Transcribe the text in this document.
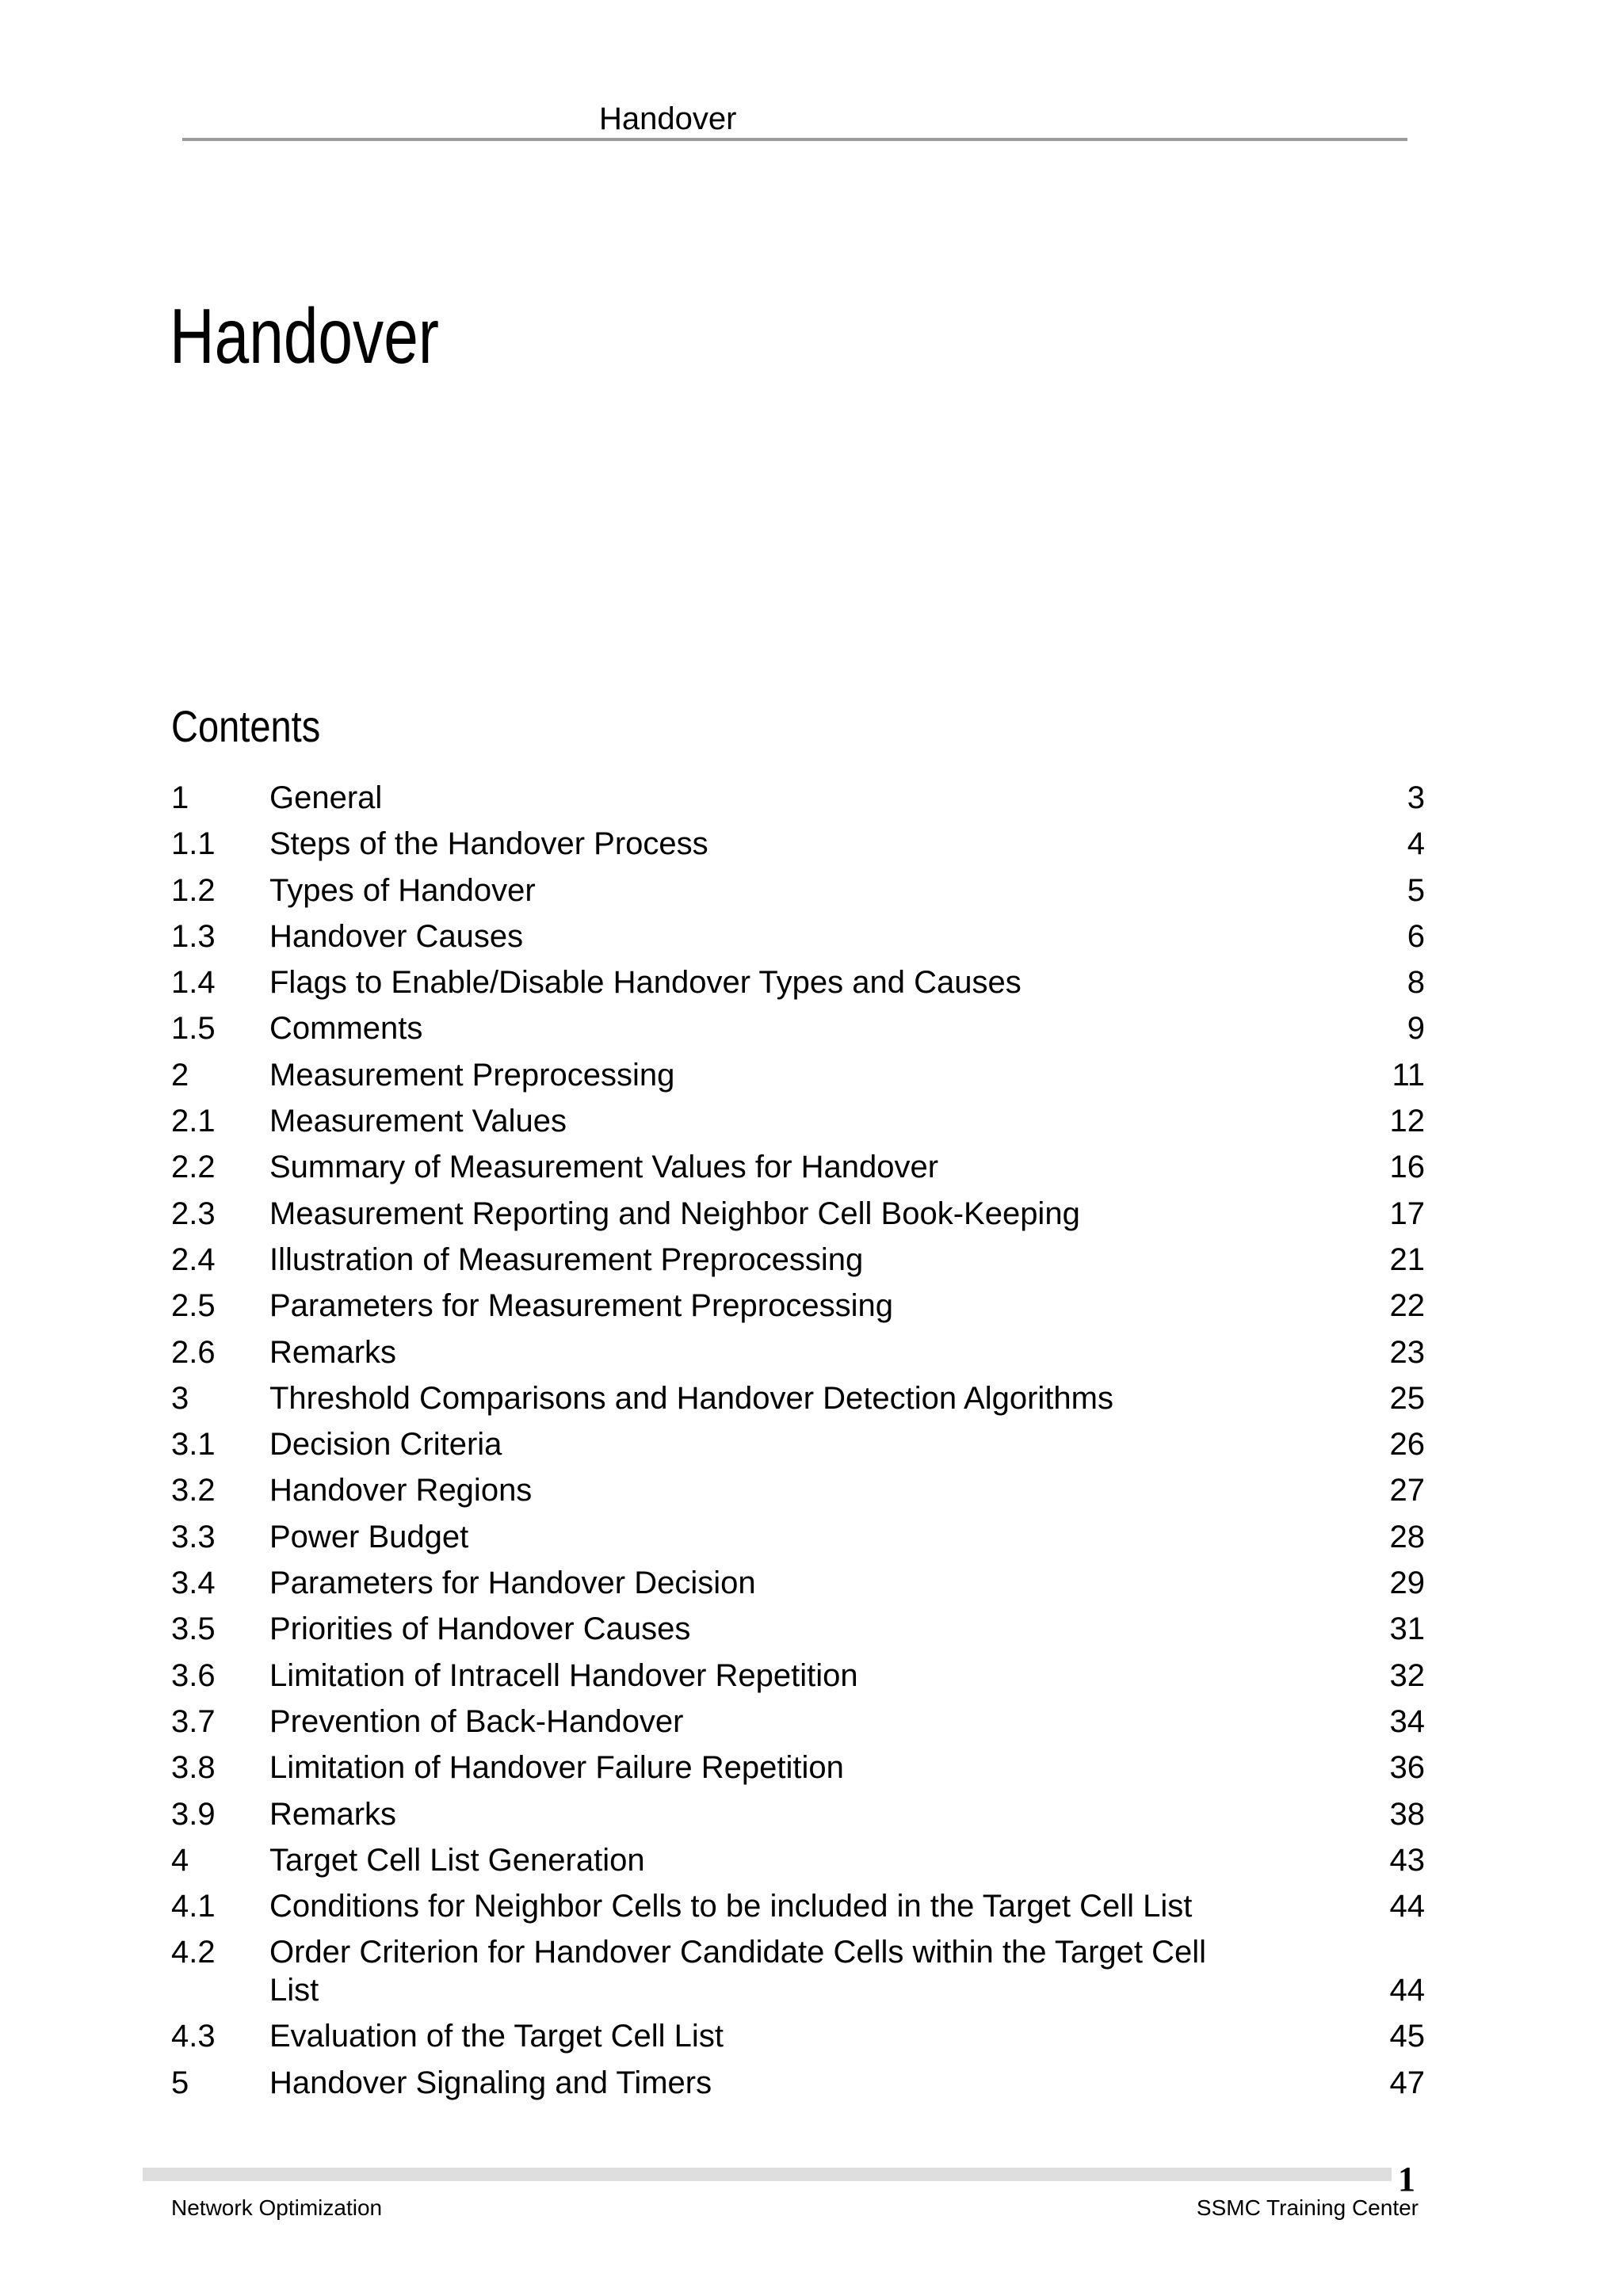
Handover
Handover
Contents
1	General	3
1.1 Steps of the Handover Process	4
1.2 Types of Handover	5
1.3 Handover Causes	6
1.4 Flags to Enable/Disable Handover Types and Causes	8
1.5 Comments	9
2	Measurement Preprocessing	11
2.1 Measurement Values	12
2.2 Summary of Measurement Values for Handover	16
2.3 Measurement Reporting and Neighbor Cell Book-Keeping	17
2.4 Illustration of Measurement Preprocessing	21
2.5 Parameters for Measurement Preprocessing	22
2.6 Remarks	23
3	Threshold Comparisons and Handover Detection Algorithms	25
3.1 Decision Criteria	26
3.2 Handover Regions	27
3.3 Power Budget	28
3.4 Parameters for Handover Decision	29
3.5 Priorities of Handover Causes	31
3.6 Limitation of Intracell Handover Repetition	32
3.7 Prevention of Back-Handover	34
3.8 Limitation of Handover Failure Repetition	36
3.9 Remarks	38
4	Target Cell List Generation	43
4.1 Conditions for Neighbor Cells to be included in the Target Cell List	44
4.2 Order Criterion for Handover Candidate Cells within the Target Cell List	44
4.3 Evaluation of the Target Cell List	45
5	Handover Signaling and Timers	47
1
Network Optimization	SSMC Training Center
